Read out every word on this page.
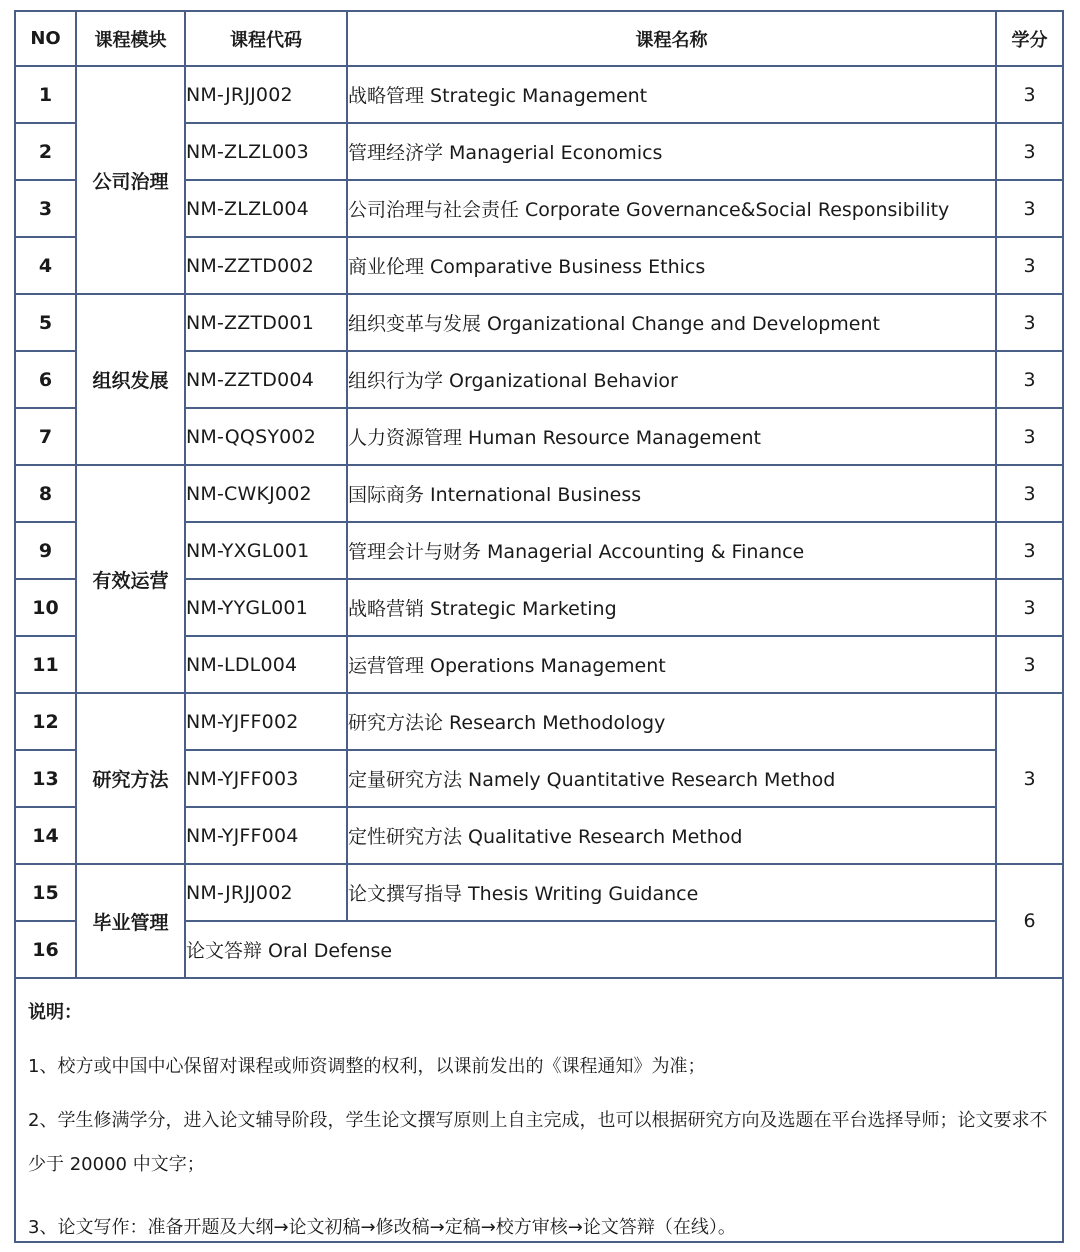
NO	课程模块	课程代码	课程名称	学分
1	公司治理	NM-JRJJ002	战略管理 Strategic Management	3
2		NM-ZLZL003	管理经济学 Managerial Economics	3
3		NM-ZLZL004	公司治理与社会责任 Corporate Governance&Social Responsibility	3
4		NM-ZZTD002	商业伦理 Comparative Business Ethics	3
5	组织发展	NM-ZZTD001	组织变革与发展 Organizational Change and Development	3
6		NM-ZZTD004	组织行为学 Organizational Behavior	3
7		NM-QQSY002	人力资源管理 Human Resource Management	3
8	有效运营	NM-CWKJ002	国际商务 International Business	3
9		NM-YXGL001	管理会计与财务 Managerial Accounting & Finance	3
10		NM-YYGL001	战略营销 Strategic Marketing	3
11		NM-LDL004	运营管理 Operations Management	3
12	研究方法	NM-YJFF002	研究方法论 Research Methodology	3
13		NM-YJFF003	定量研究方法 Namely Quantitative Research Method	
14		NM-YJFF004	定性研究方法 Qualitative Research Method	
15	毕业管理	NM-JRJJ002	论文撰写指导 Thesis Writing Guidance	6
16		论文答辩 Oral Defense		
说明：
1、校方或中国中心保留对课程或师资调整的权利，以课前发出的《课程通知》为准；
2、学生修满学分，进入论文辅导阶段，学生论文撰写原则上自主完成，也可以根据研究方向及选题在平台选择导师；论文要求不少于 20000 中文字；
3、论文写作：准备开题及大纲→论文初稿→修改稿→定稿→校方审核→论文答辩（在线）。
